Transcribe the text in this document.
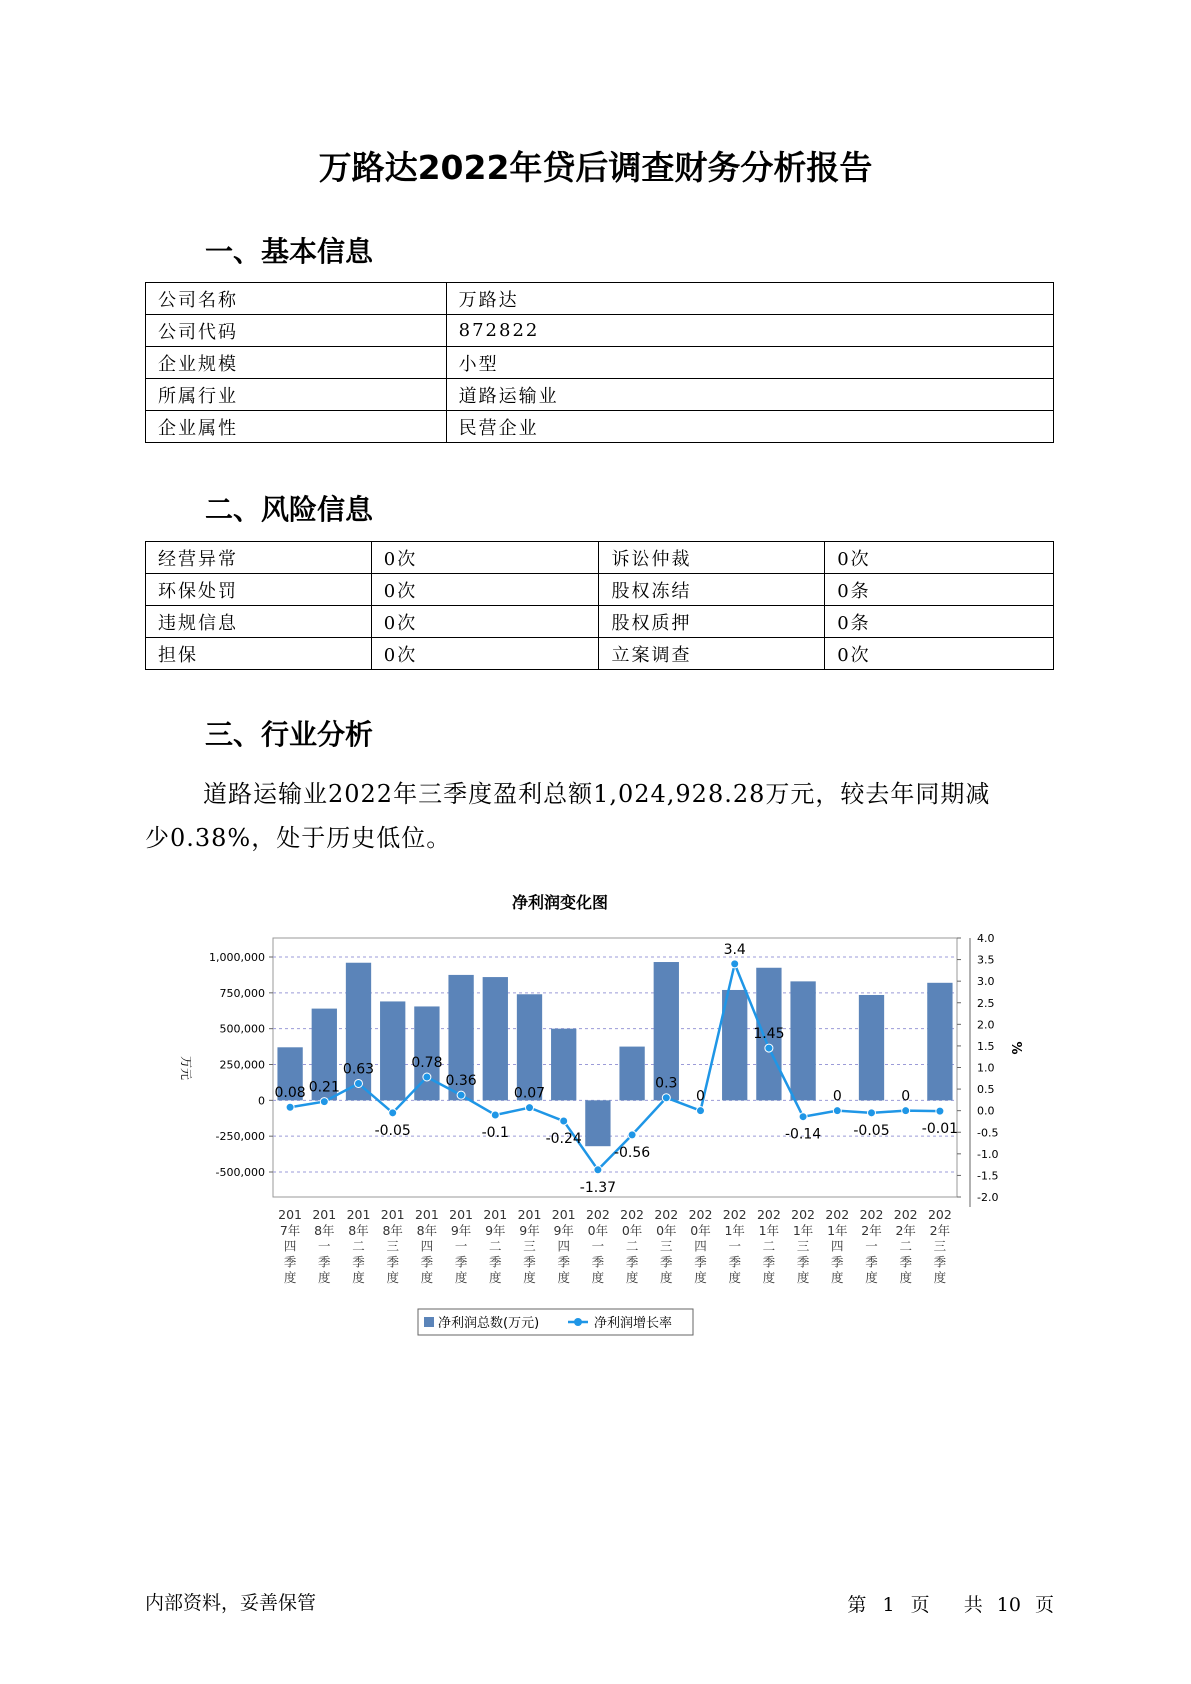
万路达2022年贷后调查财务分析报告
一、基本信息
公司名称	万路达
公司代码	872822
企业规模	小型
所属行业	道路运输业
企业属性	民营企业
二、风险信息
经营异常	0次	诉讼仲裁	0次
环保处罚	0次	股权冻结	0条
违规信息	0次	股权质押	0条
担保	0次	立案调查	0次
三、行业分析
道路运输业2022年三季度盈利总额1,024,928.28万元，较去年同期减
少0.38%，处于历史低位。
净利润变化图
1,000,000
750,000
500,000
250,000
0
-250,000
-500,000
4.0
3.5
3.0
2.5
2.0
1.5
1.0
0.5
0.0
-0.5
-1.0
-1.5
-2.0
万元
%
0.08 0.21
0.63
-0.05
0.78
0.36
-0.1
0.07
-0.24
-1.37
-0.56
0.3
0
3.4
1.45
-0.14
0
-0.05
0
-0.01
201 7年四季度
201 8年一季度
201 8年二季度
201 8年三季度
201 8年四季度
201 9年一季度
201 9年二季度
201 9年三季度
201 9年四季度
202 0年一季度
202 0年二季度
202 0年三季度
202 0年四季度
202 1年一季度
202 1年二季度
202 1年三季度
202 1年四季度
202 2年一季度
202 2年二季度
202 2年三季度
净利润总数(万元)	净利润增长率
内部资料，妥善保管	第 1 页 共 10 页
